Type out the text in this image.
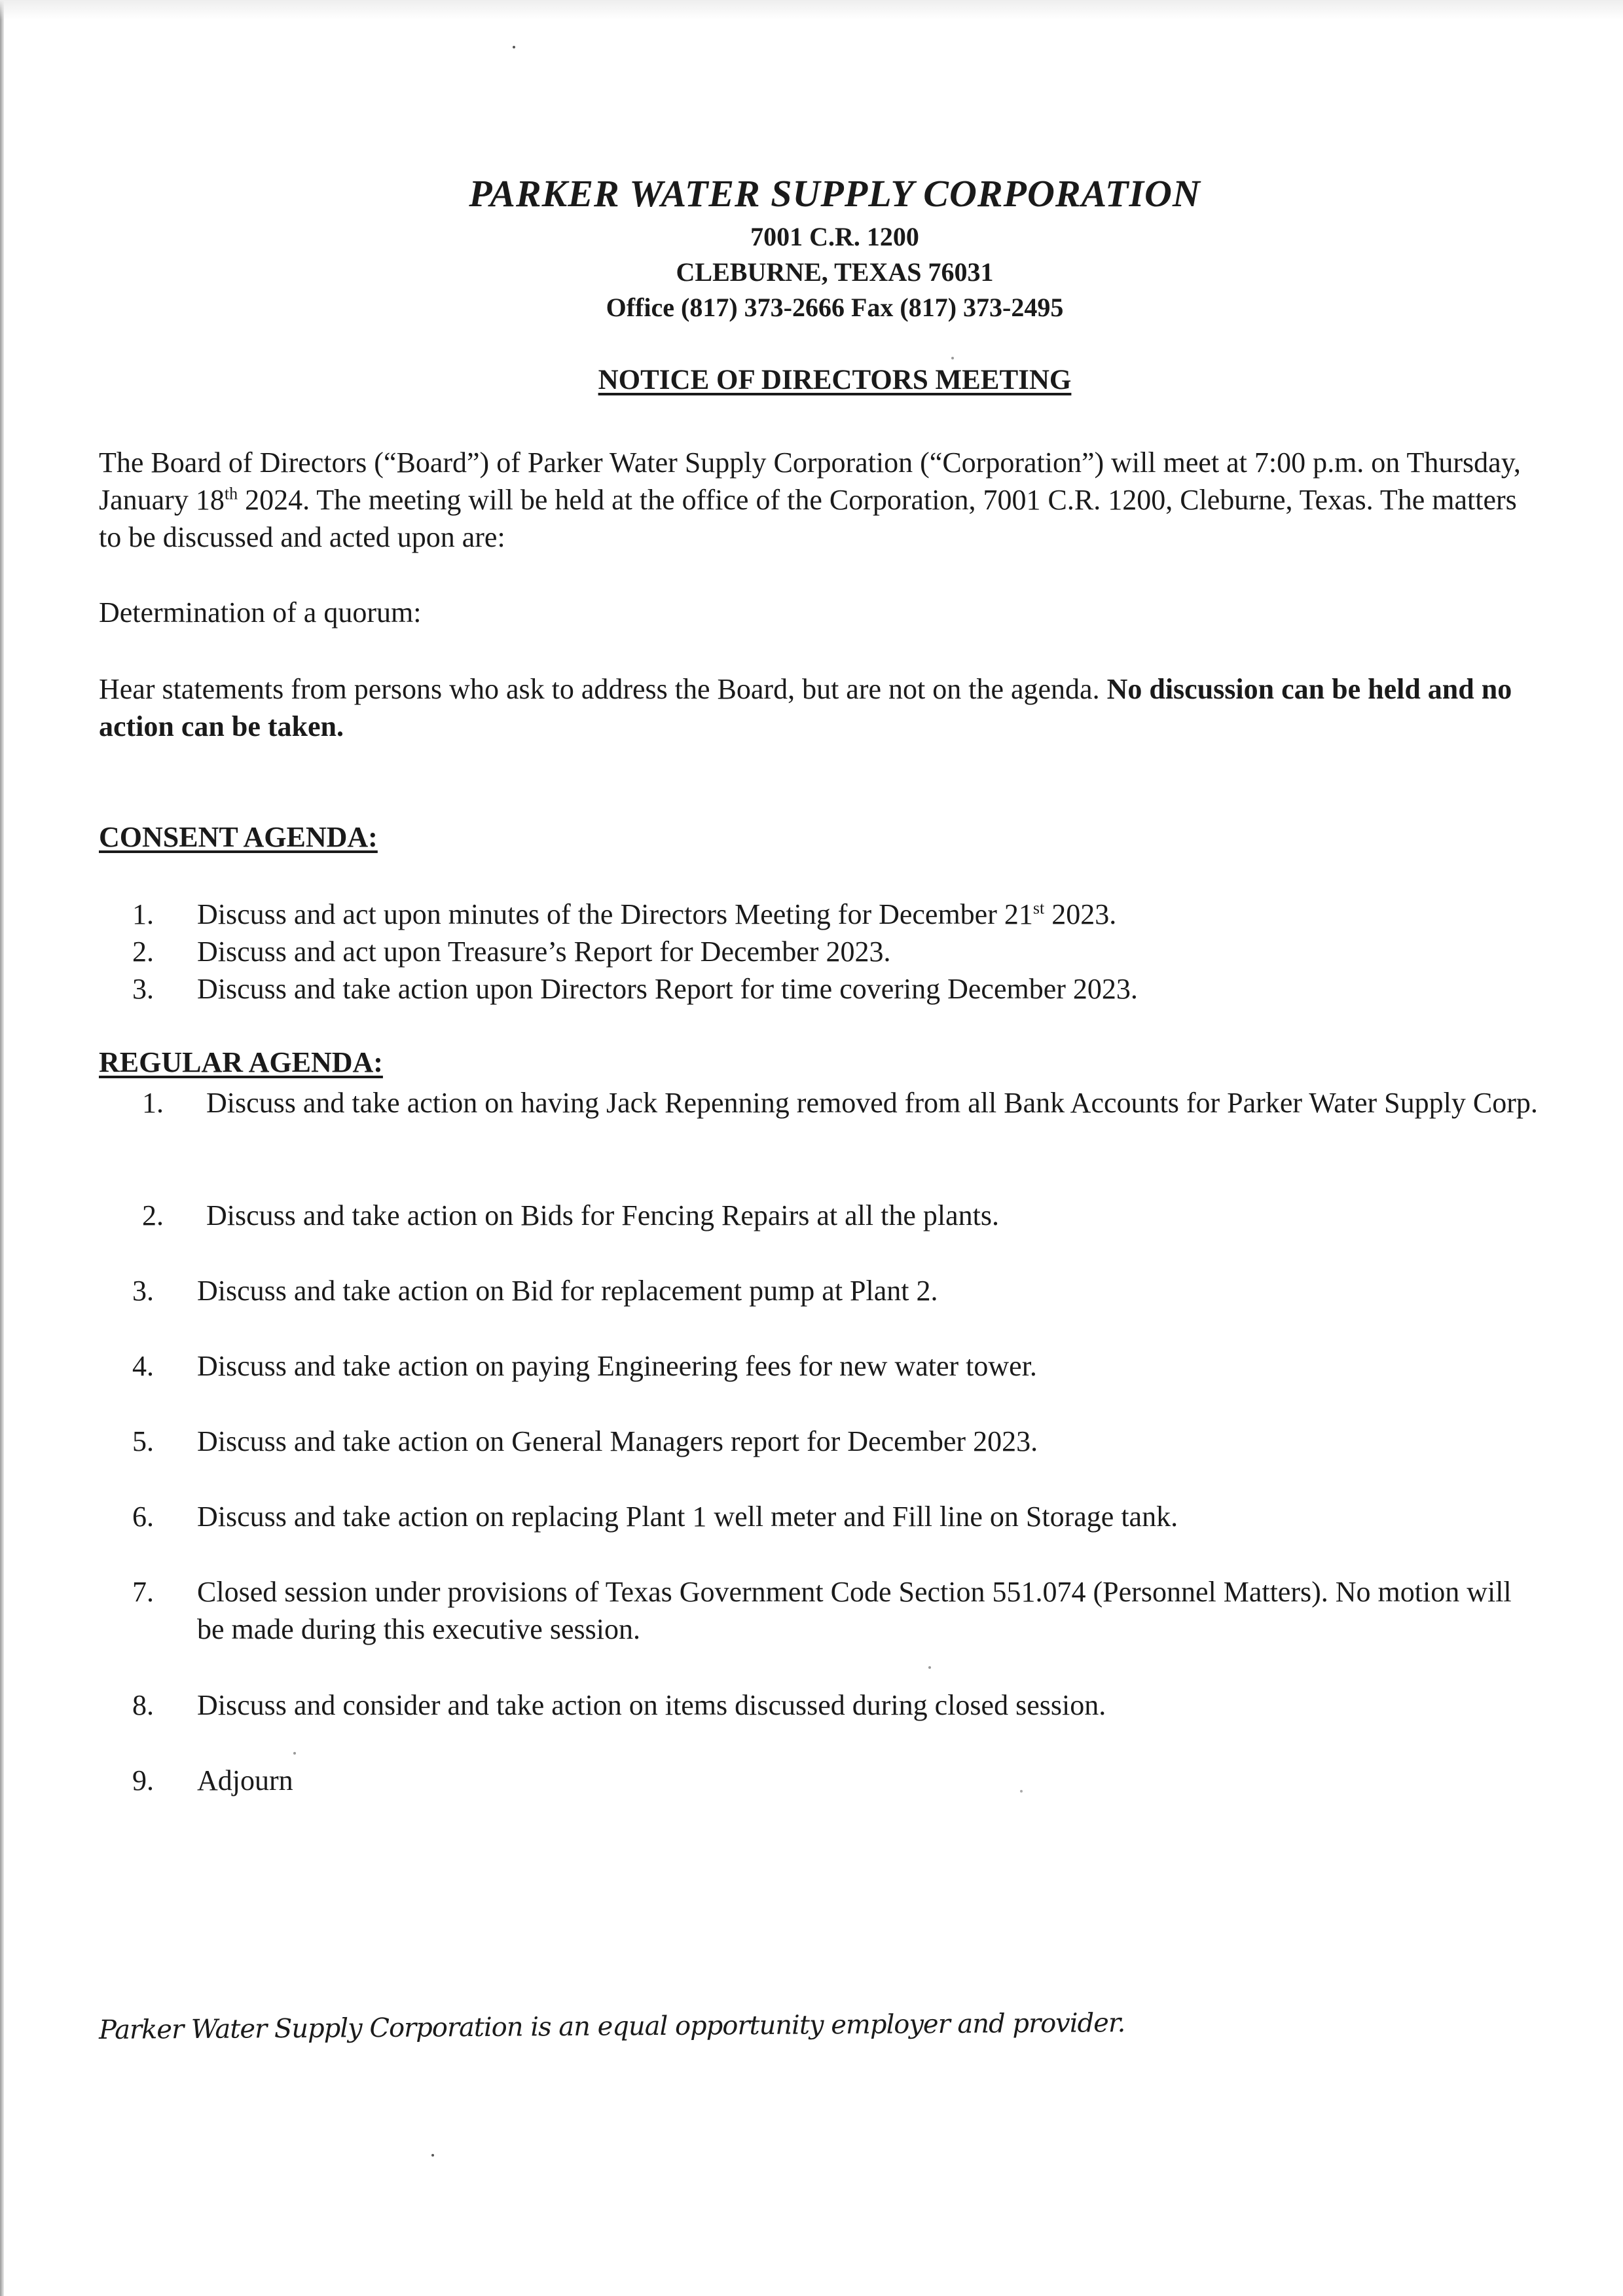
PARKER WATER SUPPLY CORPORATION
7001 C.R. 1200
CLEBURNE, TEXAS 76031
Office (817) 373-2666 Fax (817) 373-2495
NOTICE OF DIRECTORS MEETING
The Board of Directors (“Board”) of Parker Water Supply Corporation (“Corporation”) will meet at 7:00 p.m. on Thursday, January 18th 2024. The meeting will be held at the office of the Corporation, 7001 C.R. 1200, Cleburne, Texas. The matters to be discussed and acted upon are:
Determination of a quorum:
Hear statements from persons who ask to address the Board, but are not on the agenda. No discussion can be held and no action can be taken.
CONSENT AGENDA:
1. Discuss and act upon minutes of the Directors Meeting for December 21st 2023.
2. Discuss and act upon Treasure’s Report for December 2023.
3. Discuss and take action upon Directors Report for time covering December 2023.
REGULAR AGENDA:
1. Discuss and take action on having Jack Repenning removed from all Bank Accounts for Parker Water Supply Corp.
2. Discuss and take action on Bids for Fencing Repairs at all the plants.
3. Discuss and take action on Bid for replacement pump at Plant 2.
4. Discuss and take action on paying Engineering fees for new water tower.
5. Discuss and take action on General Managers report for December 2023.
6. Discuss and take action on replacing Plant 1 well meter and Fill line on Storage tank.
7. Closed session under provisions of Texas Government Code Section 551.074 (Personnel Matters). No motion will be made during this executive session.
8. Discuss and consider and take action on items discussed during closed session.
9. Adjourn
Parker Water Supply Corporation is an equal opportunity employer and provider.
